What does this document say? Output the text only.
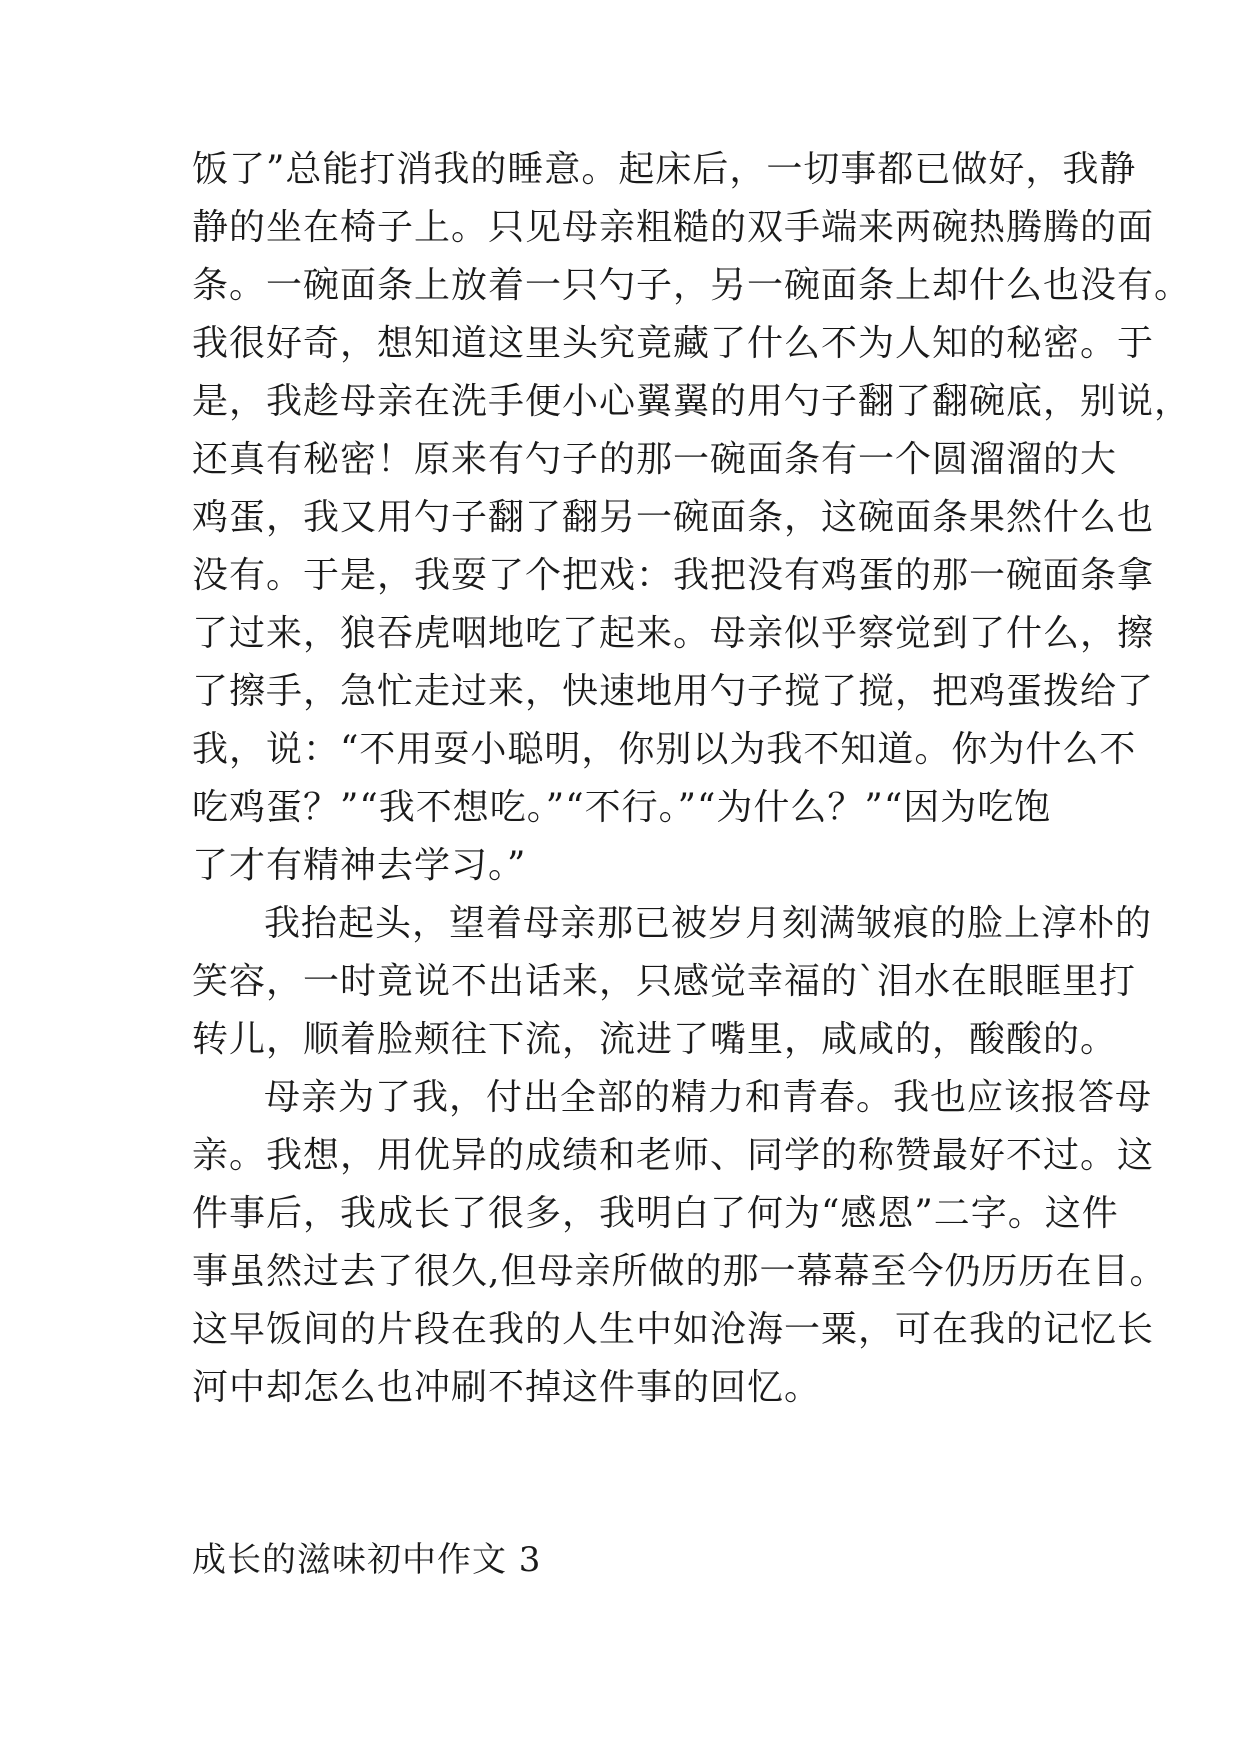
饭了”总能打消我的睡意。起床后，一切事都已做好，我静
静的坐在椅子上。只见母亲粗糙的双手端来两碗热腾腾的面
条。一碗面条上放着一只勺子，另一碗面条上却什么也没有。
我很好奇，想知道这里头究竟藏了什么不为人知的秘密。于
是，我趁母亲在洗手便小心翼翼的用勺子翻了翻碗底，别说，
还真有秘密！原来有勺子的那一碗面条有一个圆溜溜的大
鸡蛋，我又用勺子翻了翻另一碗面条，这碗面条果然什么也
没有。于是，我耍了个把戏：我把没有鸡蛋的那一碗面条拿
了过来，狼吞虎咽地吃了起来。母亲似乎察觉到了什么，擦
了擦手，急忙走过来，快速地用勺子搅了搅，把鸡蛋拨给了
我，说：“不用耍小聪明，你别以为我不知道。你为什么不
吃鸡蛋？”“我不想吃。”“不行。”“为什么？”“因为吃饱
了才有精神去学习。”
我抬起头，望着母亲那已被岁月刻满皱痕的脸上淳朴的
笑容，一时竟说不出话来，只感觉幸福的`泪水在眼眶里打
转儿，顺着脸颊往下流，流进了嘴里，咸咸的，酸酸的。
母亲为了我，付出全部的精力和青春。我也应该报答母
亲。我想，用优异的成绩和老师、同学的称赞最好不过。这
件事后，我成长了很多，我明白了何为“感恩”二字。这件
事虽然过去了很久,但母亲所做的那一幕幕至今仍历历在目。
这早饭间的片段在我的人生中如沧海一粟，可在我的记忆长
河中却怎么也冲刷不掉这件事的回忆。
成长的滋味初中作文 3
